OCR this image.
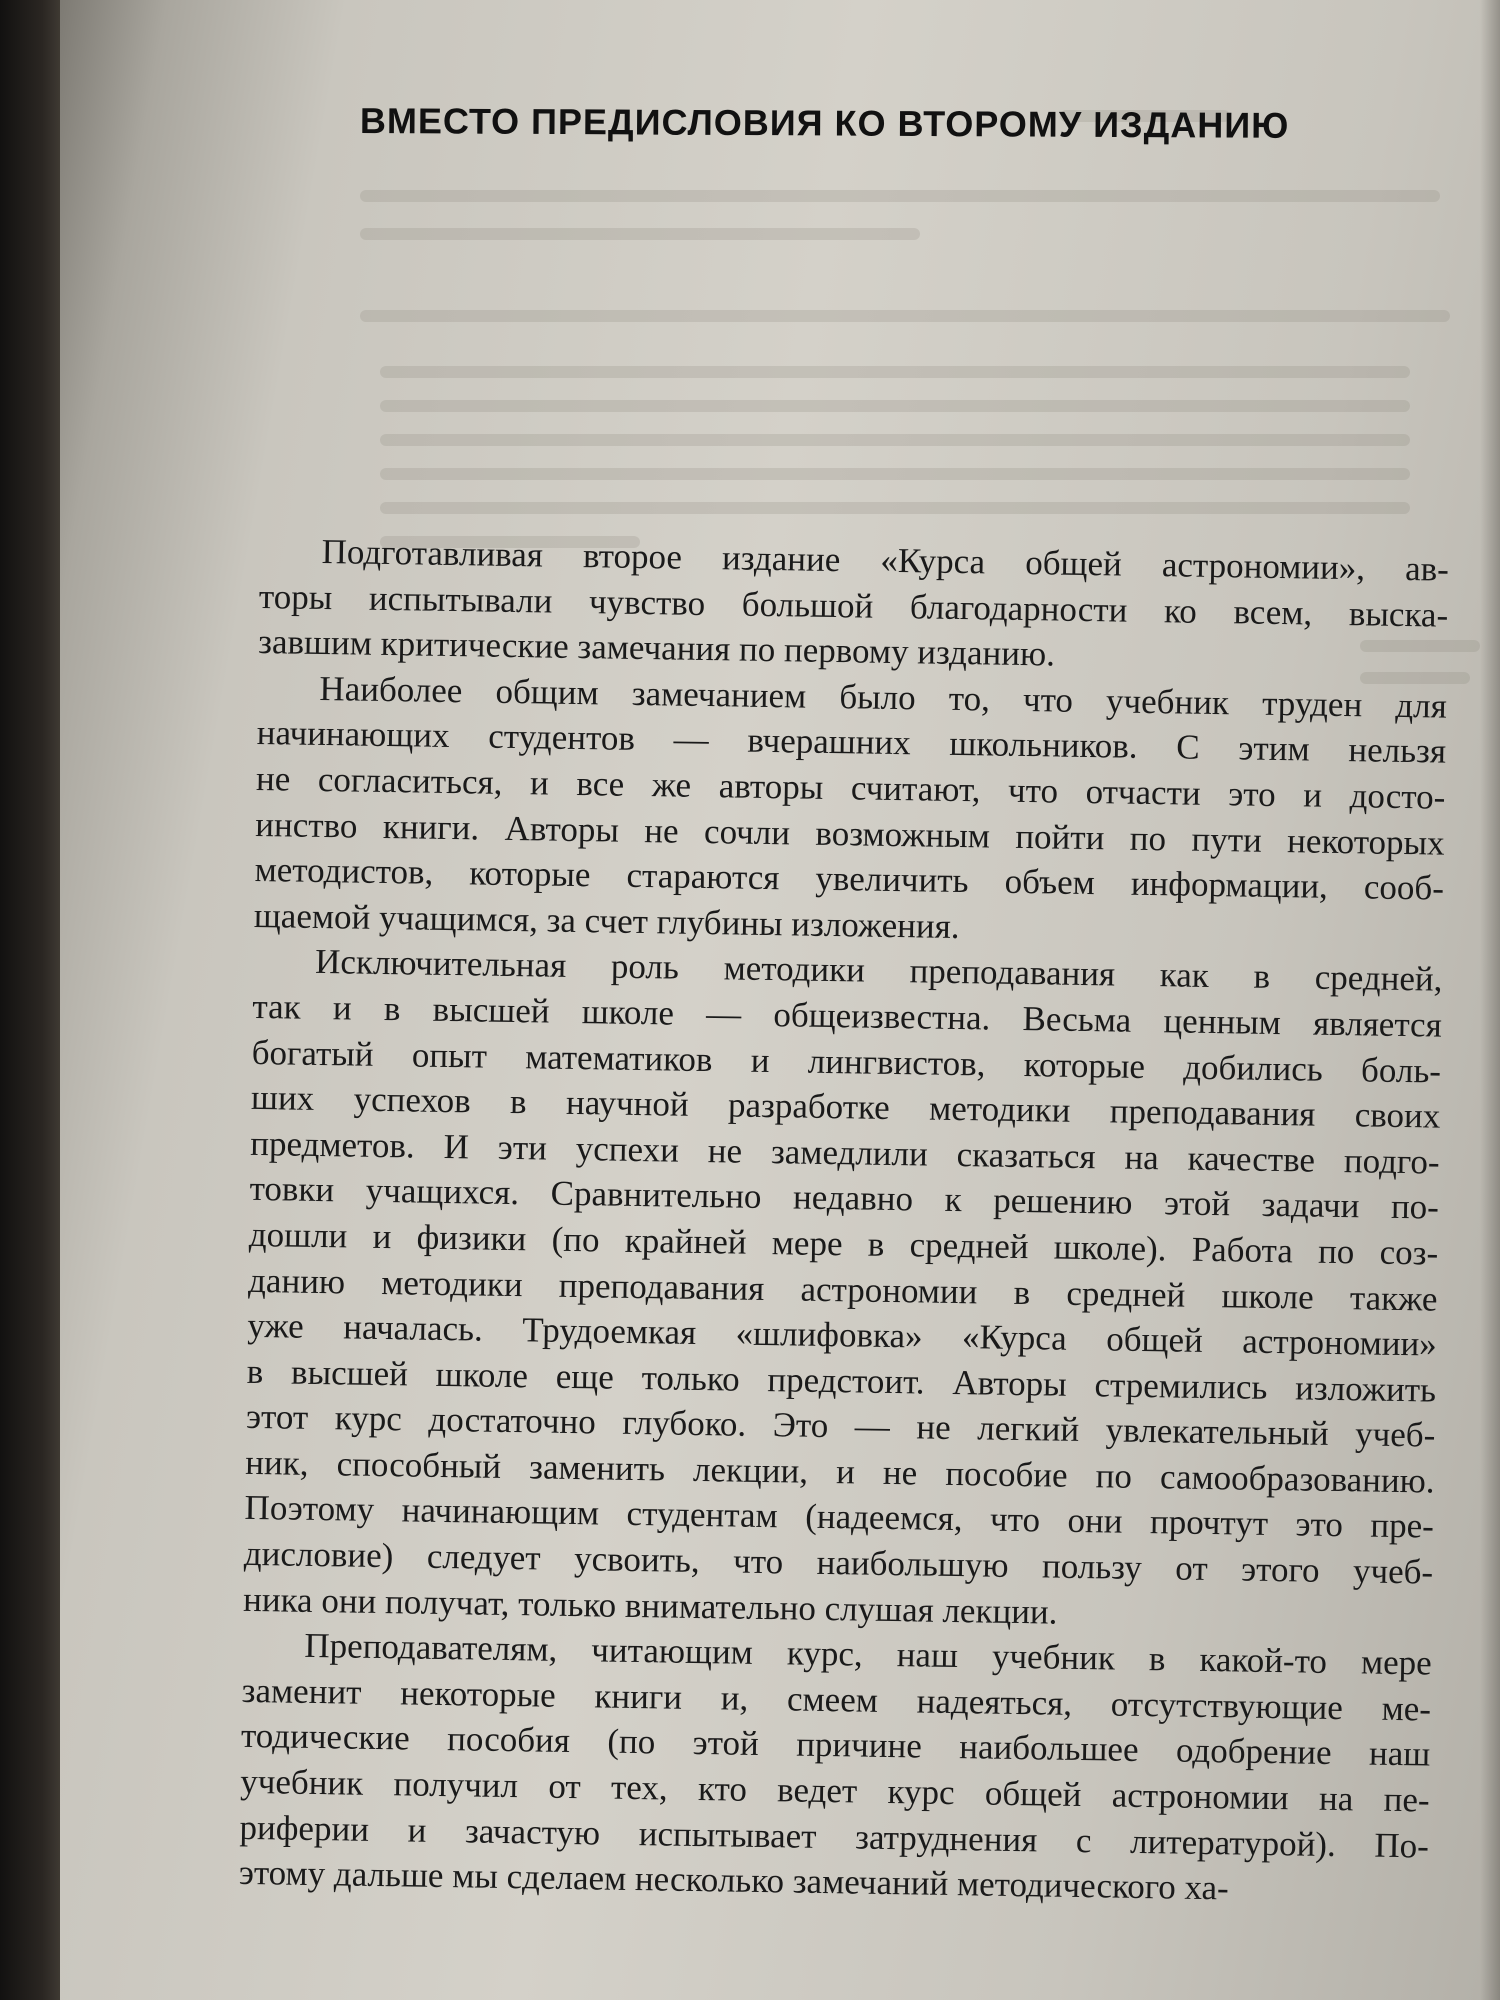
ВМЕСТО ПРЕДИСЛОВИЯ КО ВТОРОМУ ИЗДАНИЮ
Подготавливая второе издание «Курса общей астрономии», ав-
торы испытывали чувство большой благодарности ко всем, выска-
завшим критические замечания по первому изданию.
Наиболее общим замечанием было то, что учебник труден для
начинающих студентов — вчерашних школьников. С этим нельзя
не согласиться, и все же авторы считают, что отчасти это и досто-
инство книги. Авторы не сочли возможным пойти по пути некоторых
методистов, которые стараются увеличить объем информации, сооб-
щаемой учащимся, за счет глубины изложения.
Исключительная роль методики преподавания как в средней,
так и в высшей школе — общеизвестна. Весьма ценным является
богатый опыт математиков и лингвистов, которые добились боль-
ших успехов в научной разработке методики преподавания своих
предметов. И эти успехи не замедлили сказаться на качестве подго-
товки учащихся. Сравнительно недавно к решению этой задачи по-
дошли и физики (по крайней мере в средней школе). Работа по соз-
данию методики преподавания астрономии в средней школе также
уже началась. Трудоемкая «шлифовка» «Курса общей астрономии»
в высшей школе еще только предстоит. Авторы стремились изложить
этот курс достаточно глубоко. Это — не легкий увлекательный учеб-
ник, способный заменить лекции, и не пособие по самообразованию.
Поэтому начинающим студентам (надеемся, что они прочтут это пре-
дисловие) следует усвоить, что наибольшую пользу от этого учеб-
ника они получат, только внимательно слушая лекции.
Преподавателям, читающим курс, наш учебник в какой-то мере
заменит некоторые книги и, смеем надеяться, отсутствующие ме-
тодические пособия (по этой причине наибольшее одобрение наш
учебник получил от тех, кто ведет курс общей астрономии на пе-
риферии и зачастую испытывает затруднения с литературой). По-
этому дальше мы сделаем несколько замечаний методического ха-
